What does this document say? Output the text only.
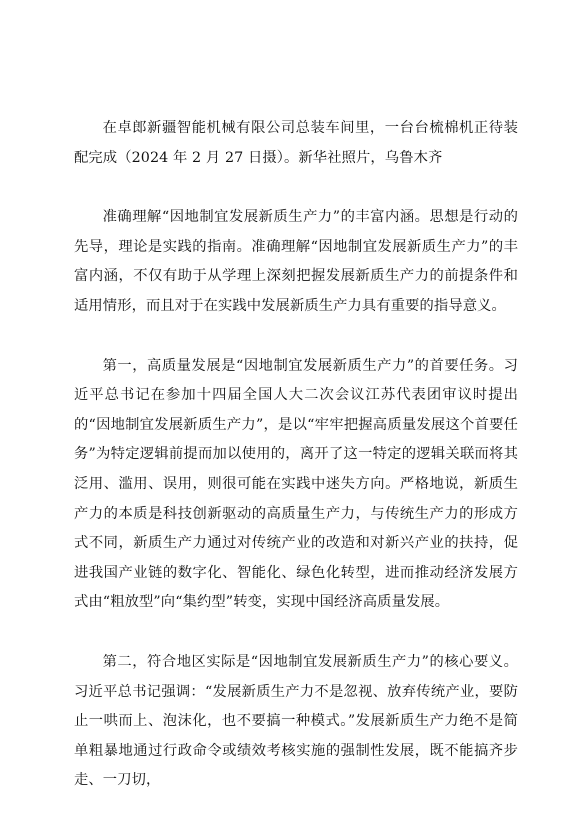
在卓郎新疆智能机械有限公司总装车间里，一台台梳棉机正待装配完成（2024 年 2 月 27 日摄）。新华社照片，乌鲁木齐

准确理解“因地制宜发展新质生产力”的丰富内涵。思想是行动的先导，理论是实践的指南。准确理解“因地制宜发展新质生产力”的丰富内涵，不仅有助于从学理上深刻把握发展新质生产力的前提条件和适用情形，而且对于在实践中发展新质生产力具有重要的指导意义。

第一，高质量发展是“因地制宜发展新质生产力”的首要任务。习近平总书记在参加十四届全国人大二次会议江苏代表团审议时提出的“因地制宜发展新质生产力”，是以“牢牢把握高质量发展这个首要任务”为特定逻辑前提而加以使用的，离开了这一特定的逻辑关联而将其泛用、滥用、误用，则很可能在实践中迷失方向。严格地说，新质生产力的本质是科技创新驱动的高质量生产力，与传统生产力的形成方式不同，新质生产力通过对传统产业的改造和对新兴产业的扶持，促进我国产业链的数字化、智能化、绿色化转型，进而推动经济发展方式由“粗放型”向“集约型”转变，实现中国经济高质量发展。

第二，符合地区实际是“因地制宜发展新质生产力”的核心要义。习近平总书记强调：“发展新质生产力不是忽视、放弃传统产业，要防止一哄而上、泡沫化，也不要搞一种模式。”发展新质生产力绝不是简单粗暴地通过行政命令或绩效考核实施的强制性发展，既不能搞齐步走、一刀切，
